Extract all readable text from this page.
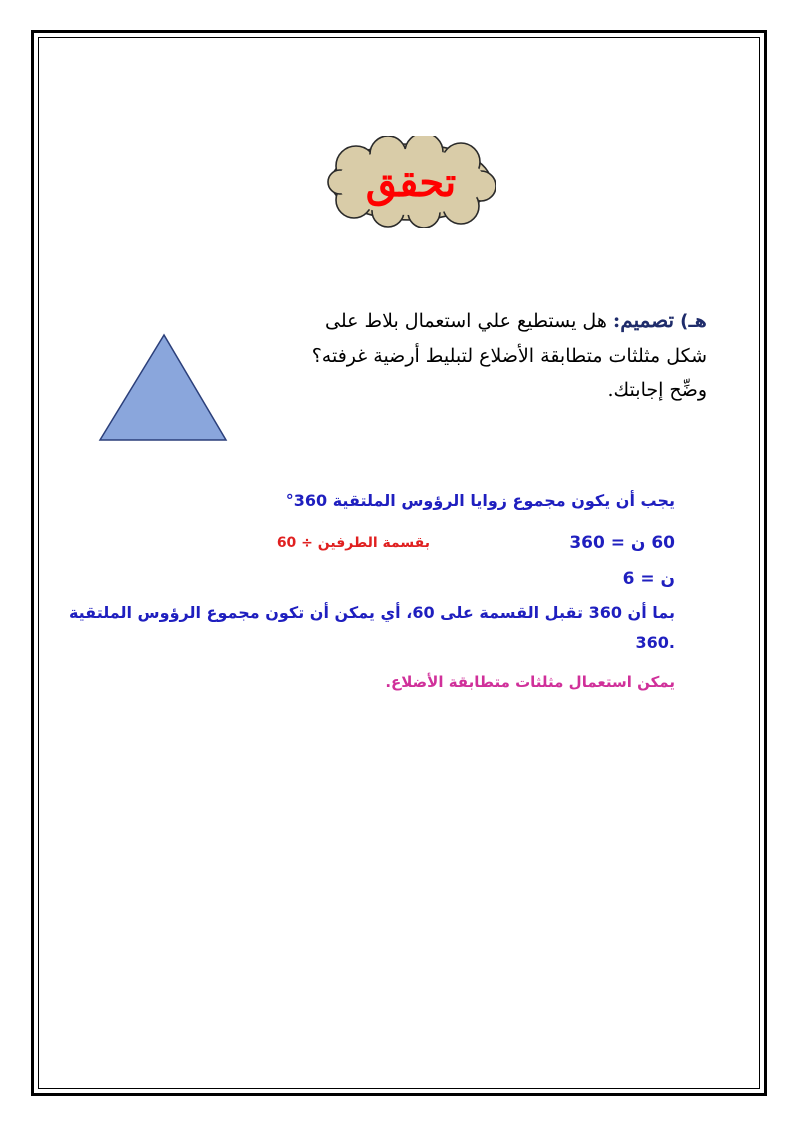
تحقق
هـ) تصميم: هل يستطيع علي استعمال بلاط على
شكل مثلثات متطابقة الأضلاع لتبليط أرضية غرفته؟
وضِّح إجابتك.
يجب أن يكون مجموع زوايا الرؤوس الملتقية 360°
60 ن = 360
بقسمة الطرفين ÷ 60
ن = 6
بما أن 360 تقبل القسمة على 60، أي يمكن أن تكون مجموع الرؤوس الملتقية
.360
يمكن استعمال مثلثات متطابقة الأضلاع.
